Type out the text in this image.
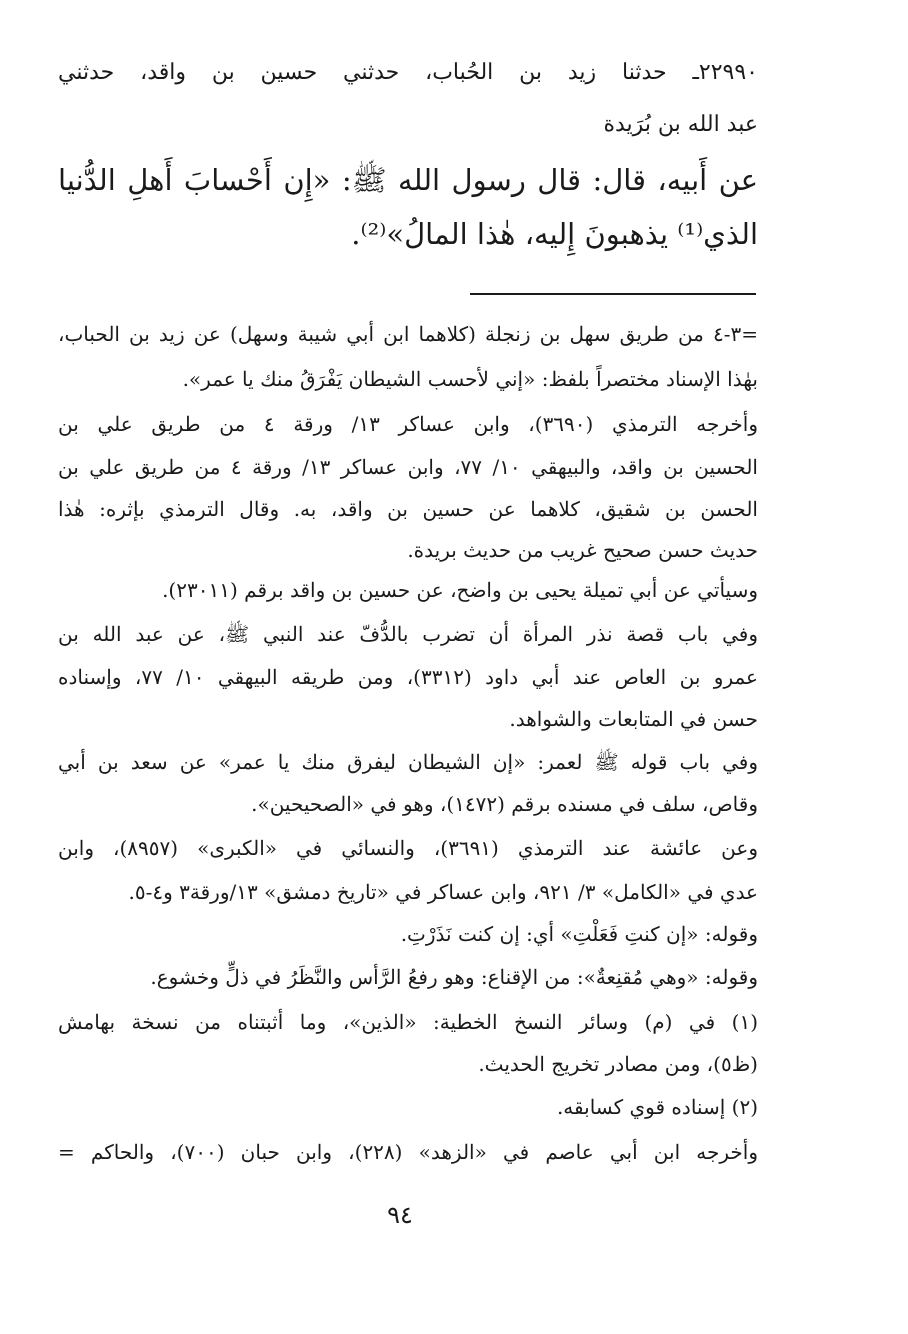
٢٢٩٩٠ـ حدثنا زيد بن الحُباب، حدثني حسين بن واقد، حدثني
عبد الله بن بُرَيدة
عن أَبيه، قال: قال رسول الله ﷺ: «إِن أَحْسابَ أَهلِ الدُّنيا
الذي⁽¹⁾ يذهبونَ إِليه، هٰذا المالُ»⁽²⁾.
=٣-٤ من طريق سهل بن زنجلة (كلاهما ابن أبي شيبة وسهل) عن زيد بن الحباب،
بهٰذا الإسناد مختصراً بلفظ: «إني لأحسب الشيطان يَفْرَقُ منك يا عمر».
وأخرجه الترمذي (٣٦٩٠)، وابن عساكر ١٣/ ورقة ٤ من طريق علي بن
الحسين بن واقد، والبيهقي ١٠/ ٧٧، وابن عساكر ١٣/ ورقة ٤ من طريق علي بن
الحسن بن شقيق، كلاهما عن حسين بن واقد، به. وقال الترمذي بإثره: هٰذا
حديث حسن صحيح غريب من حديث بريدة.
وسيأتي عن أبي تميلة يحيى بن واضح، عن حسين بن واقد برقم (٢٣٠١١).
وفي باب قصة نذر المرأة أن تضرب بالدُّفّ عند النبي ﷺ، عن عبد الله بن
عمرو بن العاص عند أبي داود (٣٣١٢)، ومن طريقه البيهقي ١٠/ ٧٧، وإسناده
حسن في المتابعات والشواهد.
وفي باب قوله ﷺ لعمر: «إن الشيطان ليفرق منك يا عمر» عن سعد بن أبي
وقاص، سلف في مسنده برقم (١٤٧٢)، وهو في «الصحيحين».
وعن عائشة عند الترمذي (٣٦٩١)، والنسائي في «الكبرى» (٨٩٥٧)، وابن
عدي في «الكامل» ٣/ ٩٢١، وابن عساكر في «تاريخ دمشق» ١٣/ورقة٣ و٤-٥.
وقوله: «إن كنتِ فَعَلْتِ» أي: إن كنت نَذَرْتِ.
وقوله: «وهي مُقنِعةٌ»: من الإقناع: وهو رفعُ الرَّأس والنَّظَرُ في ذلٍّ وخشوع.
(١) في (م) وسائر النسخ الخطية: «الذين»، وما أثبتناه من نسخة بهامش
(ظ٥)، ومن مصادر تخريج الحديث.
(٢) إسناده قوي كسابقه.
وأخرجه ابن أبي عاصم في «الزهد» (٢٢٨)، وابن حبان (٧٠٠)، والحاكم =
٩٤
